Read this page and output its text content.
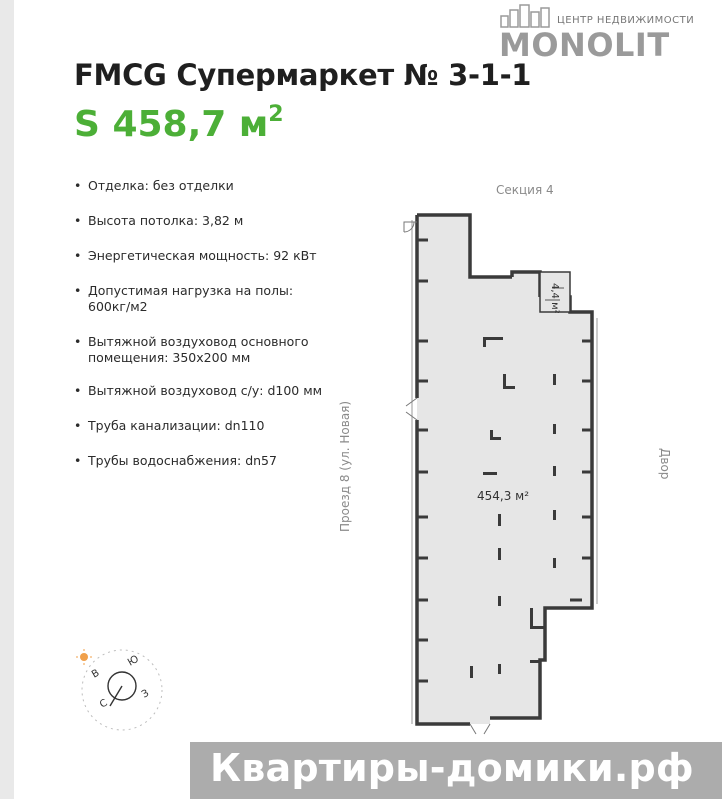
ЦЕНТР НЕДВИЖИМОСТИ
MONOLIT
FMCG Супермаркет № 3-1-1
S 458,7 $м^2$
• Отделка: без отделки
• Высота потолка: 3,82 м
• Энергетическая мощность: 92 кВт
• Допустимая нагрузка на полы: 600кг/м2
• Вытяжной воздуховод основного помещения: 350х200 мм
• Вытяжной воздуховод с/у: d100 мм
• Труба канализации: dn110
• Трубы водоснабжения: dn57
Секция 4
Проезд 8 (ул. Новая)	Двор
454,3 м²
4,4 м²
Ю
В
З
С
Квартиры-домики.рф
